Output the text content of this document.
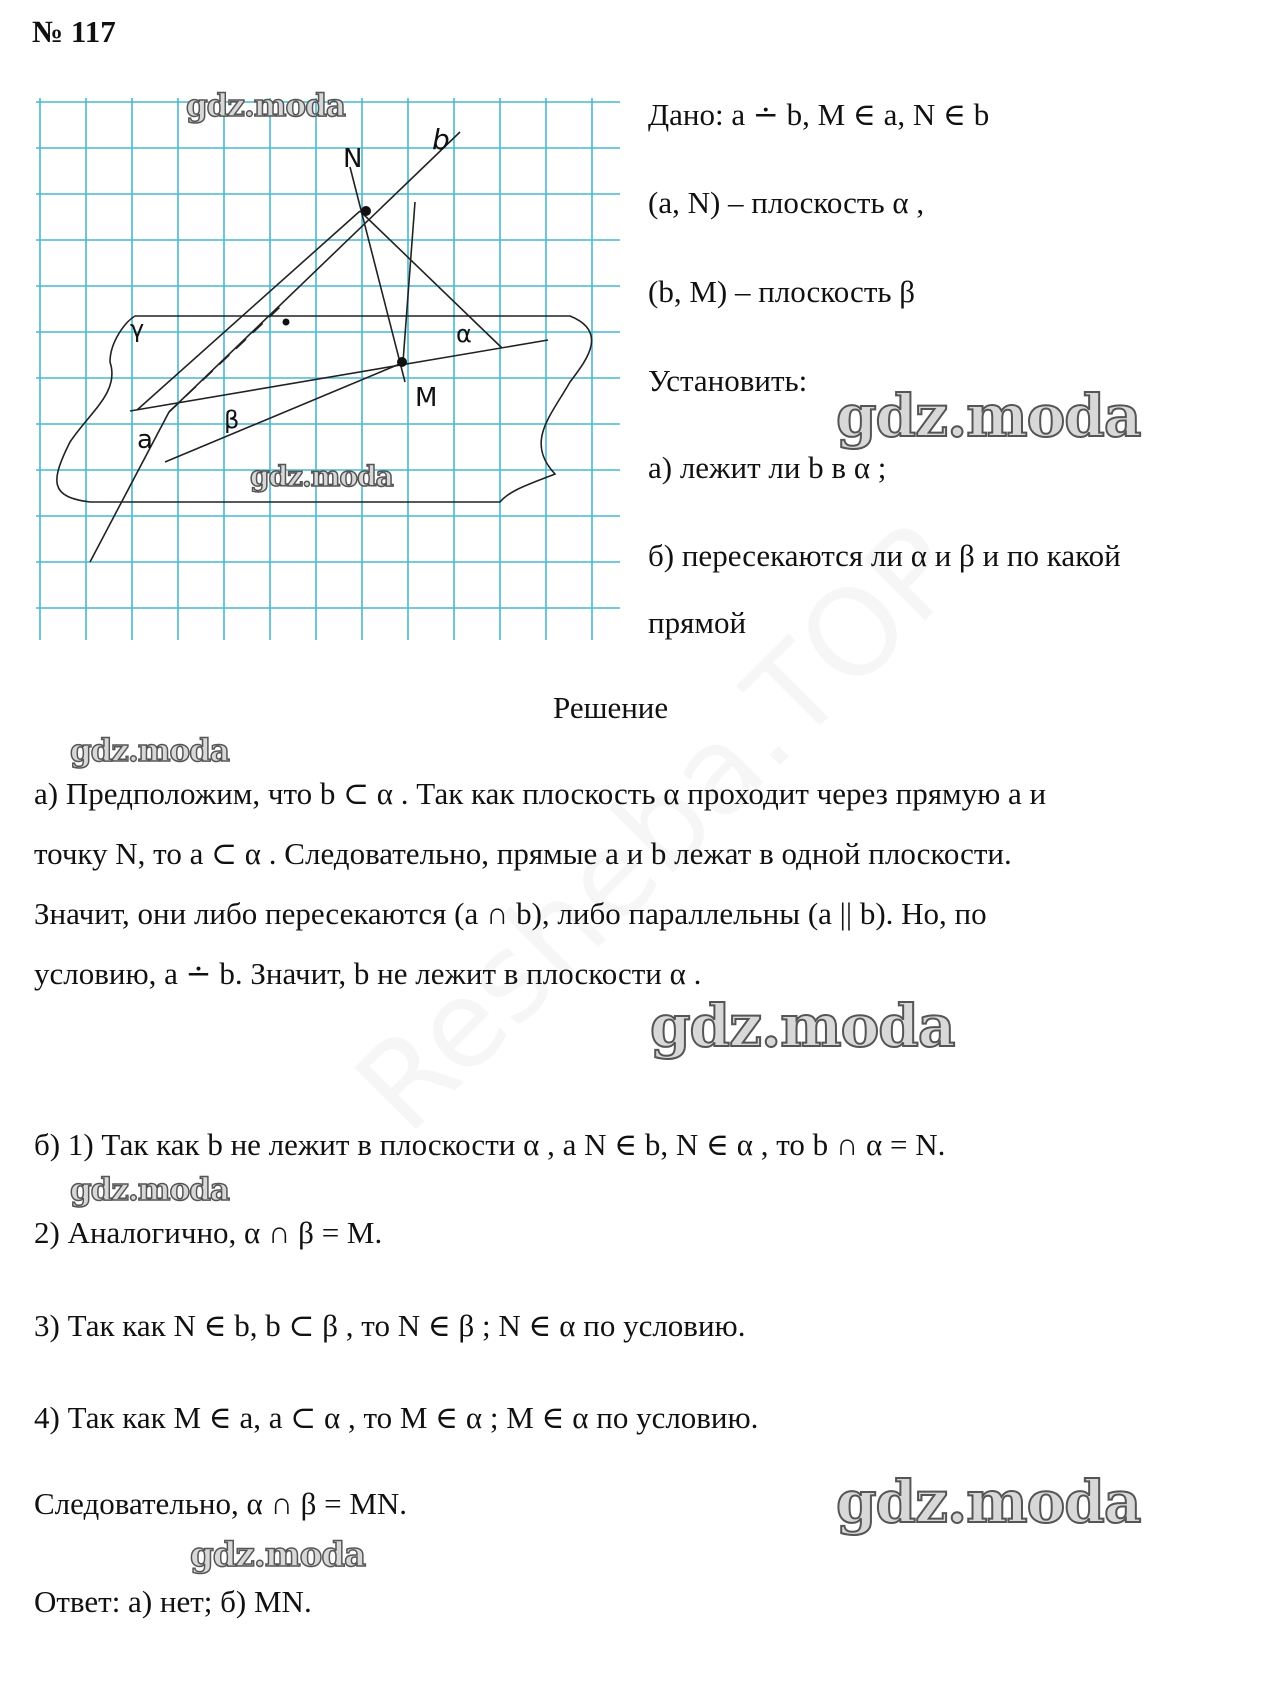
№ 117
N
b
γ	α
M
a
β
gdz.moda
gdz.moda
Дано: a ∸ b, M ∈ a, N ∈ b
(a, N) – плоскость α ,
(b, M) – плоскость β
Установить:
а) лежит ли b в α ;
б) пересекаются ли α и β и по какой
прямой
gdz.moda
Решение
gdz.moda
а) Предположим, что b ⊂ α . Так как плоскость α проходит через прямую a и
точку N, то a ⊂ α . Следовательно, прямые a и b лежат в одной плоскости.
Значит, они либо пересекаются (a ∩ b), либо параллельны (a || b). Но, по
условию, a ∸ b. Значит, b не лежит в плоскости α .
gdz.moda
б) 1) Так как b не лежит в плоскости α , a N ∈ b, N ∈ α , то b ∩ α = N.
gdz.moda
2) Аналогично, α ∩ β = M.
3) Так как N ∈ b, b ⊂ β , то N ∈ β ; N ∈ α по условию.
4) Так как M ∈ a, a ⊂ α , то M ∈ α ; M ∈ α по условию.
Следовательно, α ∩ β = MN.	gdz.moda
gdz.moda
Ответ: а) нет; б) MN.
